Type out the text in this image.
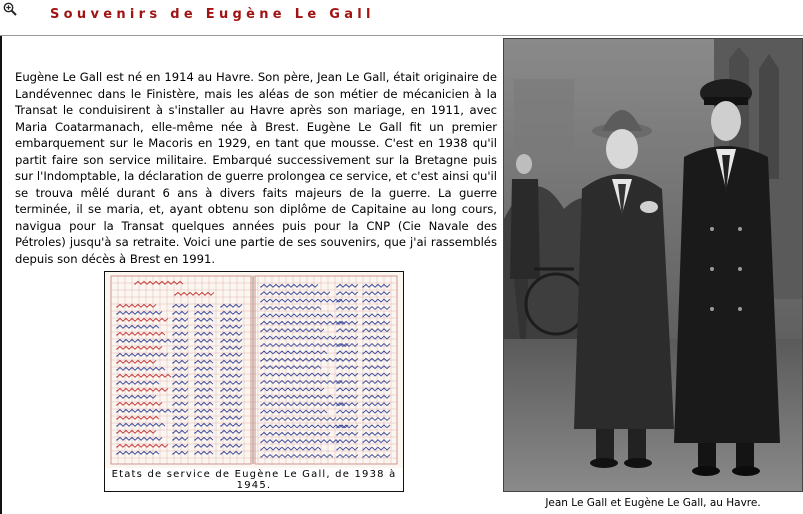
Souvenirs de Eugène Le Gall

Eugène Le Gall est né en 1914 au Havre. Son père, Jean Le Gall, était originaire de Landévennec dans le Finistère, mais les aléas de son métier de mécanicien à la Transat le conduisirent à s'installer au Havre après son mariage, en 1911, avec Maria Coatarmanach, elle-même née à Brest. Eugène Le Gall fit un premier embarquement sur le Macoris en 1929, en tant que mousse. C'est en 1938 qu'il partit faire son service militaire. Embarqué successivement sur la Bretagne puis sur l'Indomptable, la déclaration de guerre prolongea ce service, et c'est ainsi qu'il se trouva mêlé durant 6 ans à divers faits majeurs de la guerre. La guerre terminée, il se maria, et, ayant obtenu son diplôme de Capitaine au long cours, navigua pour la Transat quelques années puis pour la CNP (Cie Navale des Pétroles) jusqu'à sa retraite. Voici une partie de ses souvenirs, que j'ai rassemblés depuis son décès à Brest en 1991.

Etats de service de Eugène Le Gall, de 1938 à 1945.
Jean Le Gall et Eugène Le Gall, au Havre.
